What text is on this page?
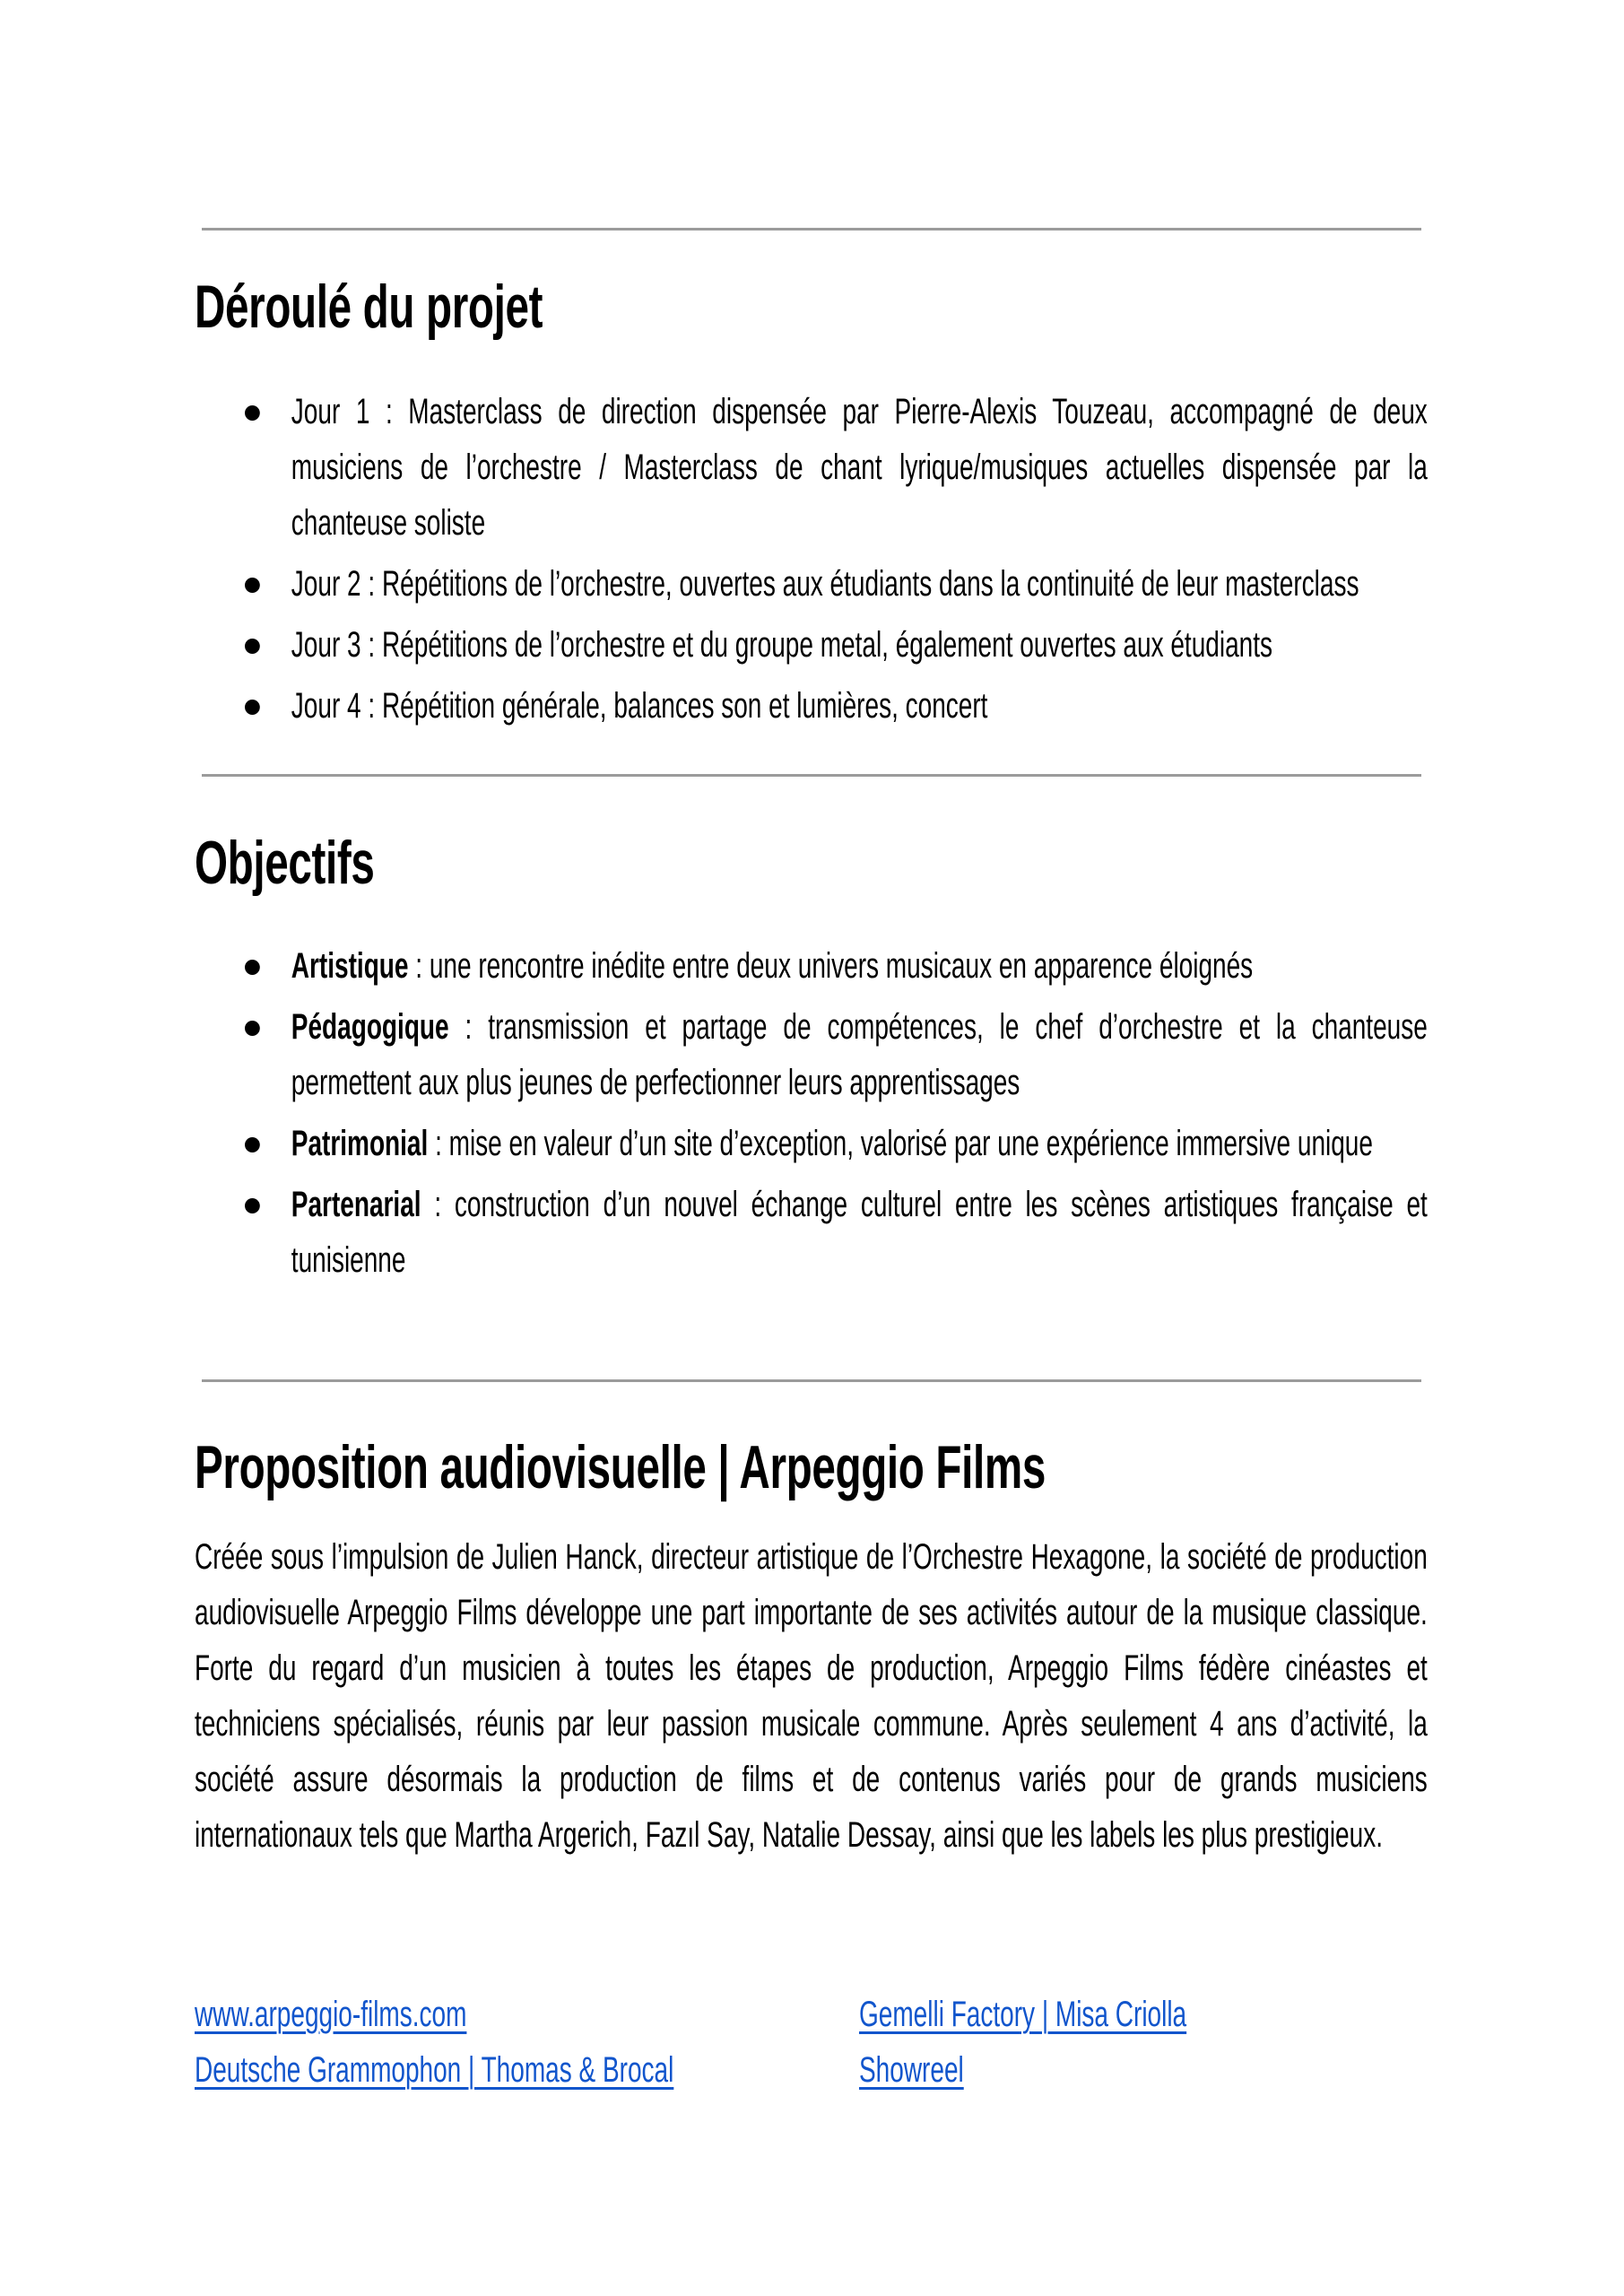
Déroulé du projet
Jour 1 : Masterclass de direction dispensée par Pierre-Alexis Touzeau, accompagné de deux musiciens de l’orchestre / Masterclass de chant lyrique/musiques actuelles dispensée par la chanteuse soliste
Jour 2 : Répétitions de l’orchestre, ouvertes aux étudiants dans la continuité de leur masterclass
Jour 3 : Répétitions de l’orchestre et du groupe metal, également ouvertes aux étudiants
Jour 4 : Répétition générale, balances son et lumières, concert
Objectifs
Artistique : une rencontre inédite entre deux univers musicaux en apparence éloignés
Pédagogique : transmission et partage de compétences, le chef d’orchestre et la chanteuse permettent aux plus jeunes de perfectionner leurs apprentissages
Patrimonial : mise en valeur d’un site d’exception, valorisé par une expérience immersive unique
Partenarial : construction d’un nouvel échange culturel entre les scènes artistiques française et tunisienne
Proposition audiovisuelle | Arpeggio Films
Créée sous l’impulsion de Julien Hanck, directeur artistique de l’Orchestre Hexagone, la société de production audiovisuelle Arpeggio Films développe une part importante de ses activités autour de la musique classique. Forte du regard d’un musicien à toutes les étapes de production, Arpeggio Films fédère cinéastes et techniciens spécialisés, réunis par leur passion musicale commune. Après seulement 4 ans d’activité, la société assure désormais la production de films et de contenus variés pour de grands musiciens internationaux tels que Martha Argerich, Fazıl Say, Natalie Dessay, ainsi que les labels les plus prestigieux.
www.arpeggio-films.com
Deutsche Grammophon | Thomas & Brocal
Gemelli Factory | Misa Criolla
Showreel
